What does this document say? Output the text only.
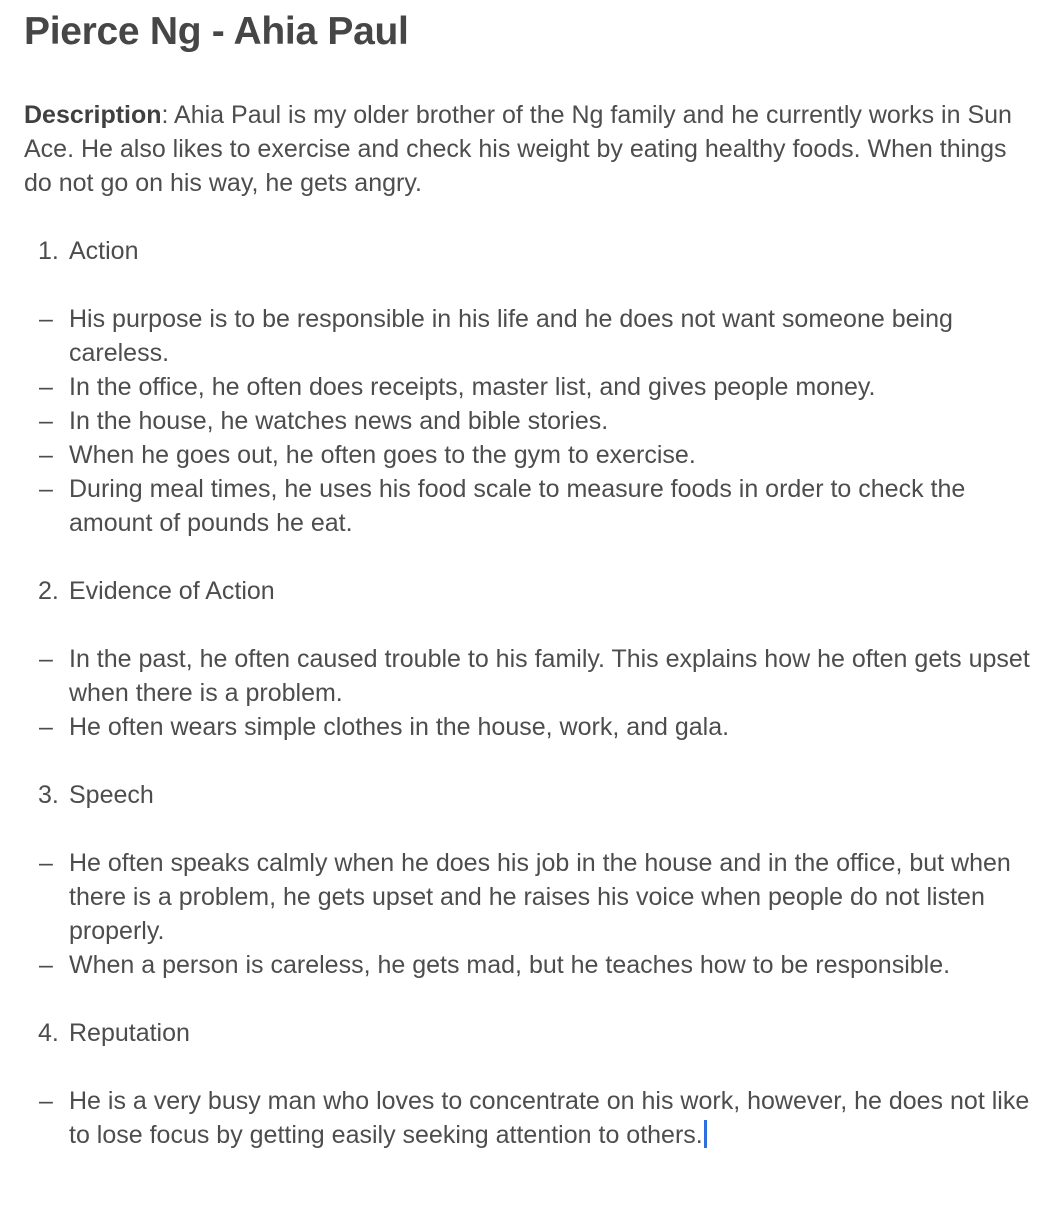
Pierce Ng - Ahia Paul
Description: Ahia Paul is my older brother of the Ng family and he currently works in Sun Ace. He also likes to exercise and check his weight by eating healthy foods. When things do not go on his way, he gets angry.
1. Action
– His purpose is to be responsible in his life and he does not want someone being careless.
– In the office, he often does receipts, master list, and gives people money.
– In the house, he watches news and bible stories.
– When he goes out, he often goes to the gym to exercise.
– During meal times, he uses his food scale to measure foods in order to check the amount of pounds he eat.
2. Evidence of Action
– In the past, he often caused trouble to his family. This explains how he often gets upset when there is a problem.
– He often wears simple clothes in the house, work, and gala.
3. Speech
– He often speaks calmly when he does his job in the house and in the office, but when there is a problem, he gets upset and he raises his voice when people do not listen properly.
– When a person is careless, he gets mad, but he teaches how to be responsible.
4. Reputation
– He is a very busy man who loves to concentrate on his work, however, he does not like to lose focus by getting easily seeking attention to others.
